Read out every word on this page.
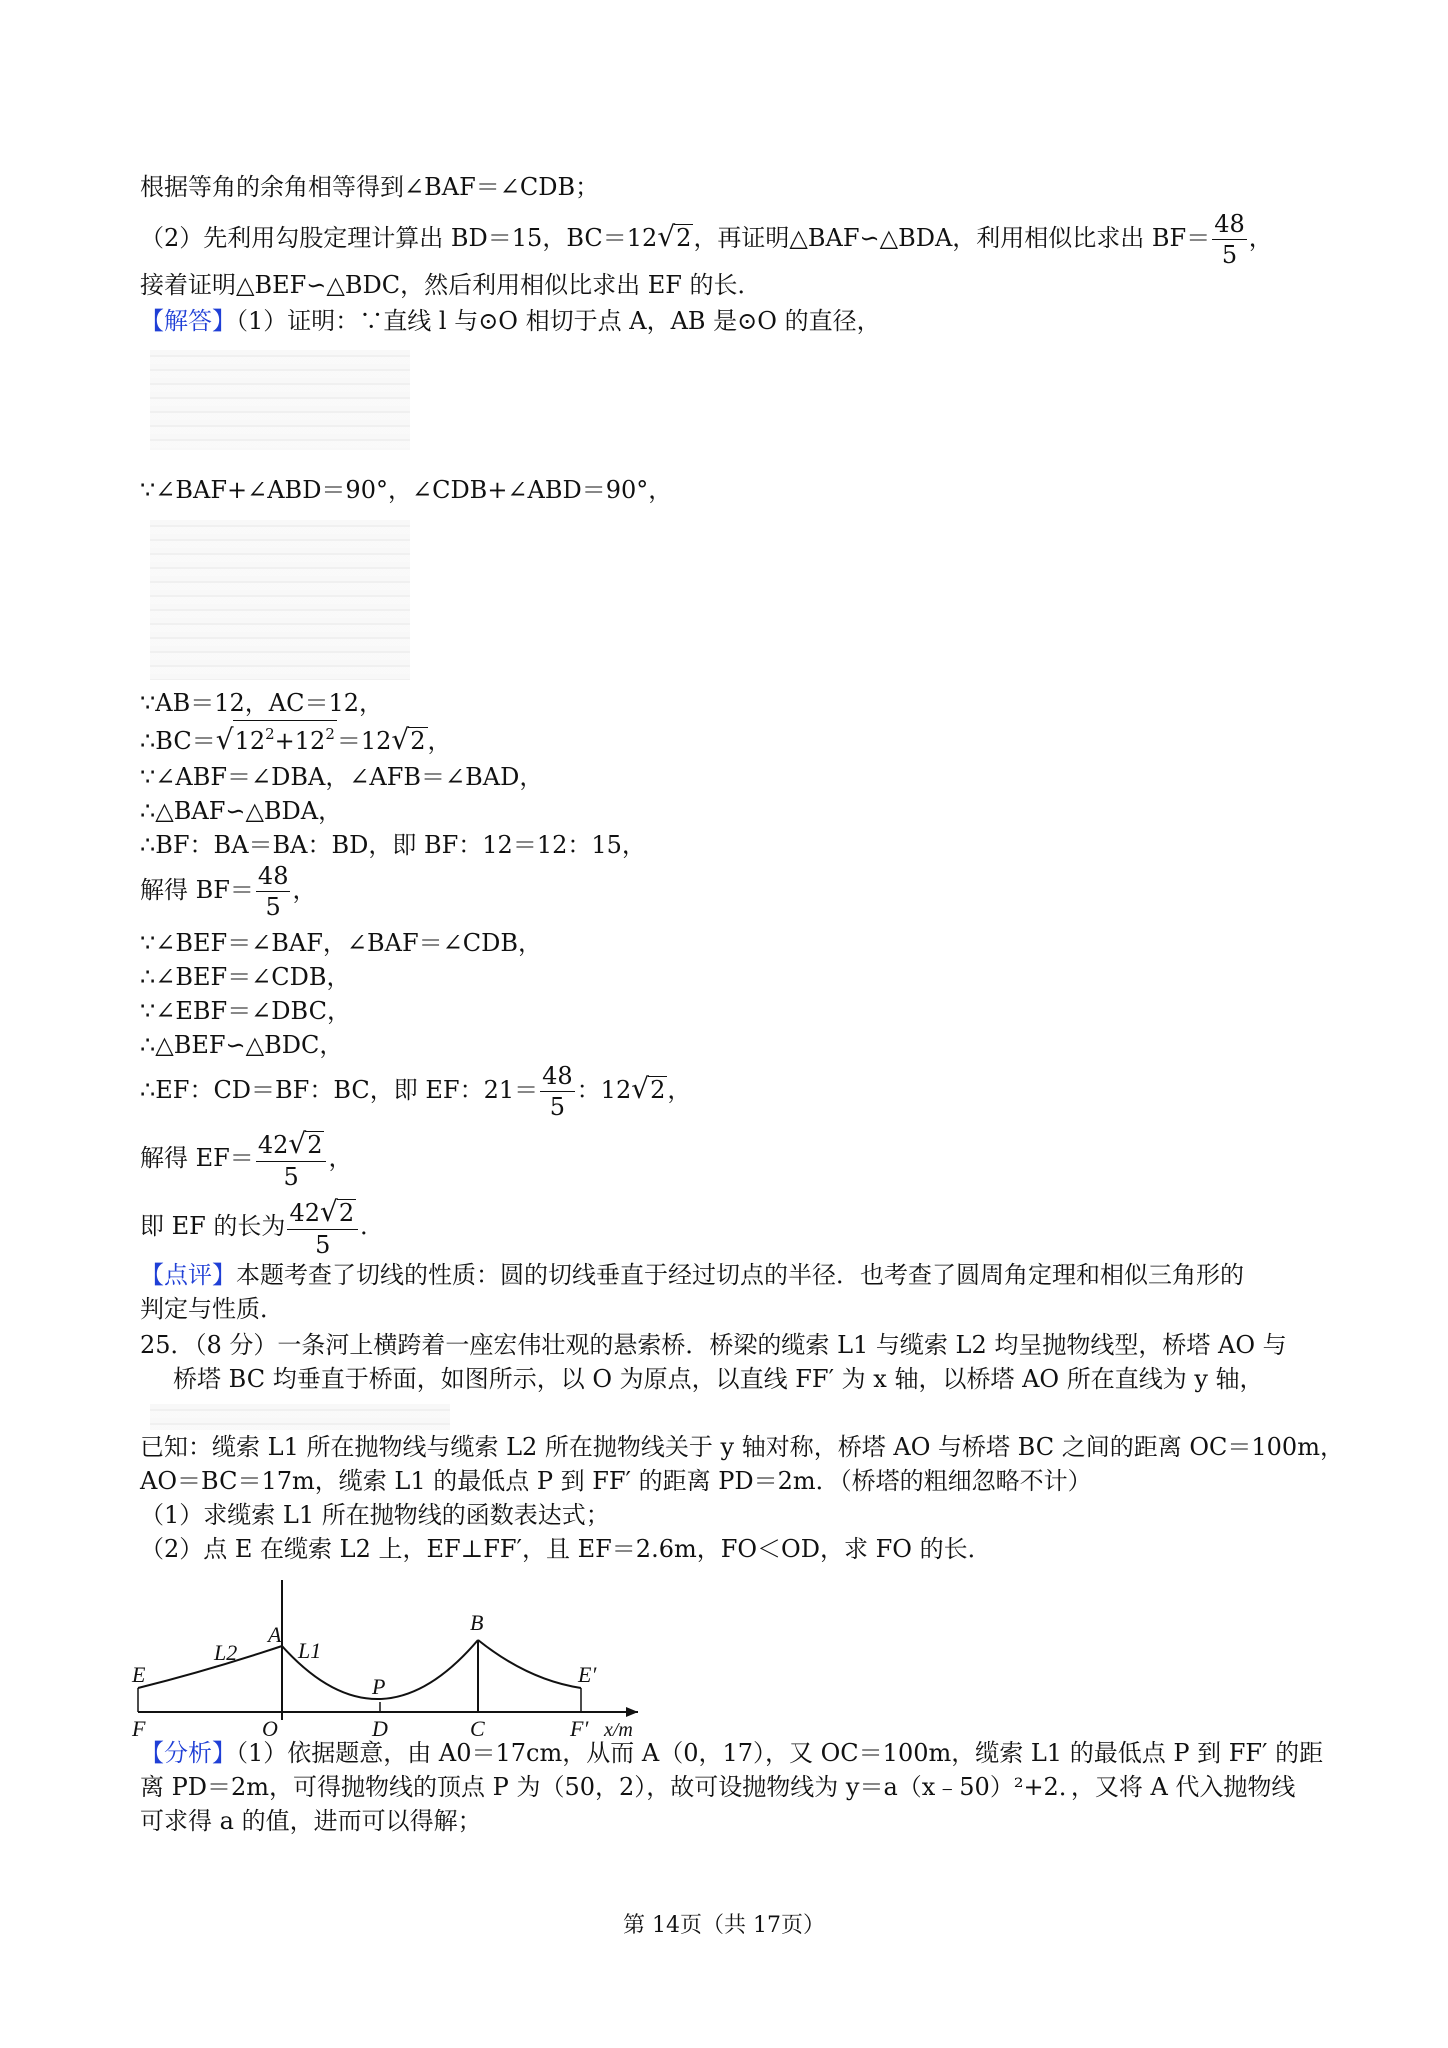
根据等角的余角相等得到∠BAF＝∠CDB；
（2）先利用勾股定理计算出 BD＝15，BC＝12√2，再证明△BAF∽△BDA，利用相似比求出 $BF= \frac{48}{5}$ ，
接着证明△BEF∽△BDC，然后利用相似比求出 EF 的长．
【解答】（1）证明：∵直线 l 与⊙O 相切于点 A，AB 是⊙O 的直径，
∵∠BAF+∠ABD＝90°，∠CDB+∠ABD＝90°，
∵AB＝12，AC＝12，
$\therefore BC=√12^2+12^2=12√2$，
∵∠ABF＝∠DBA，∠AFB＝∠BAD，
∴△BAF∽△BDA，
∴BF：BA＝BA：BD，即 BF：12＝12：15，
解得 $BF= \frac{48}{5}$ ，
∵∠BEF＝∠BAF，∠BAF＝∠CDB，
∴∠BEF＝∠CDB，
∵∠EBF＝∠DBC，
∴△BEF∽△BDC，
∴EF：CD＝BF：BC，即 EF：$21= \frac{48}{5}$ ：12√2，
解得 $EF= \frac{42√2}{5}$ ，
即 EF 的长为 $\frac{42√2}{5}$ ．
【点评】本题考查了切线的性质：圆的切线垂直于经过切点的半径．也考查了圆周角定理和相似三角形的
判定与性质．
25．（8 分）一条河上横跨着一座宏伟壮观的悬索桥．桥梁的缆索 L1 与缆索 L2 均呈抛物线型，桥塔 AO 与
桥塔 BC 均垂直于桥面，如图所示，以 O 为原点，以直线 FF′ 为 x 轴，以桥塔 AO 所在直线为 y 轴，
已知：缆索 L1 所在抛物线与缆索 L2 所在抛物线关于 y 轴对称，桥塔 AO 与桥塔 BC 之间的距离 OC＝100m，
AO＝BC＝17m，缆索 L1 的最低点 P 到 FF′ 的距离 PD＝2m．（桥塔的粗细忽略不计）
（1）求缆索 L1 所在抛物线的函数表达式；
（2）点 E 在缆索 L2 上，EF⊥FF′，且 EF＝2.6m，FO＜OD，求 FO 的长．
A	B
E	E′
F	F′
O	D	C
P
L1
L2
x/m
【分析】（1）依据题意，由 A0＝17cm，从而 A（0，17），又 OC＝100m，缆索 L1 的最低点 P 到 FF′ 的距
离 PD＝2m，可得抛物线的顶点 P 为（50，2），故可设抛物线为 y＝a（x﹣50）²+2．，又将 A 代入抛物线
可求得 a 的值，进而可以得解；
第 14页（共 17页）
